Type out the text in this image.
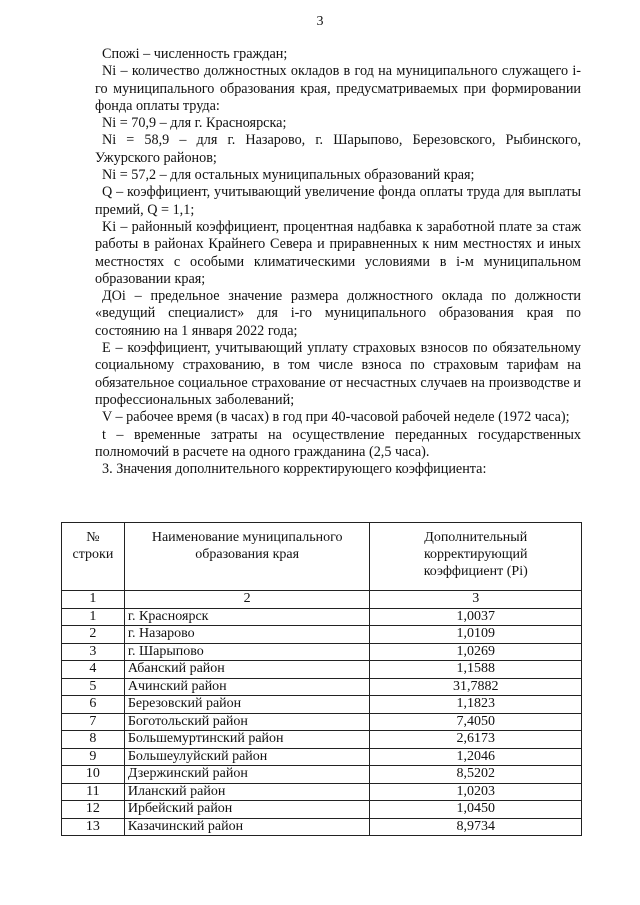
3

Спожi – численность граждан;

Ni – количество должностных окладов в год на муниципального служащего i-го муниципального образования края, предусматриваемых при формировании фонда оплаты труда:

Ni = 70,9 – для г. Красноярска;

Ni = 58,9 – для г. Назарово, г. Шарыпово, Березовского, Рыбинского, Ужурского районов;

Ni = 57,2 – для остальных муниципальных образований края;

Q – коэффициент, учитывающий увеличение фонда оплаты труда для выплаты премий, Q = 1,1;

Ki – районный коэффициент, процентная надбавка к заработной плате за стаж работы в районах Крайнего Севера и приравненных к ним местностях и иных местностях с особыми климатическими условиями в i-м муниципальном образовании края;

ДОi – предельное значение размера должностного оклада по должности «ведущий специалист» для i-го муниципального образования края по состоянию на 1 января 2022 года;

Е – коэффициент, учитывающий уплату страховых взносов по обязательному социальному страхованию, в том числе взноса по страховым тарифам на обязательное социальное страхование от несчастных случаев на производстве и профессиональных заболеваний;

V – рабочее время (в часах) в год при 40-часовой рабочей неделе (1972 часа);

t – временные затраты на осуществление переданных государственных полномочий в расчете на одного гражданина (2,5 часа).

3. Значения дополнительного корректирующего коэффициента:

№ строки	Наименование муниципального образования края	Дополнительный корректирующий коэффициент (Pi)
1	2	3
1	г. Красноярск	1,0037
2	г. Назарово	1,0109
3	г. Шарыпово	1,0269
4	Абанский район	1,1588
5	Ачинский район	31,7882
6	Березовский район	1,1823
7	Боготольский район	7,4050
8	Большемуртинский район	2,6173
9	Большеулуйский район	1,2046
10	Дзержинский район	8,5202
11	Иланский район	1,0203
12	Ирбейский район	1,0450
13	Казачинский район	8,9734
